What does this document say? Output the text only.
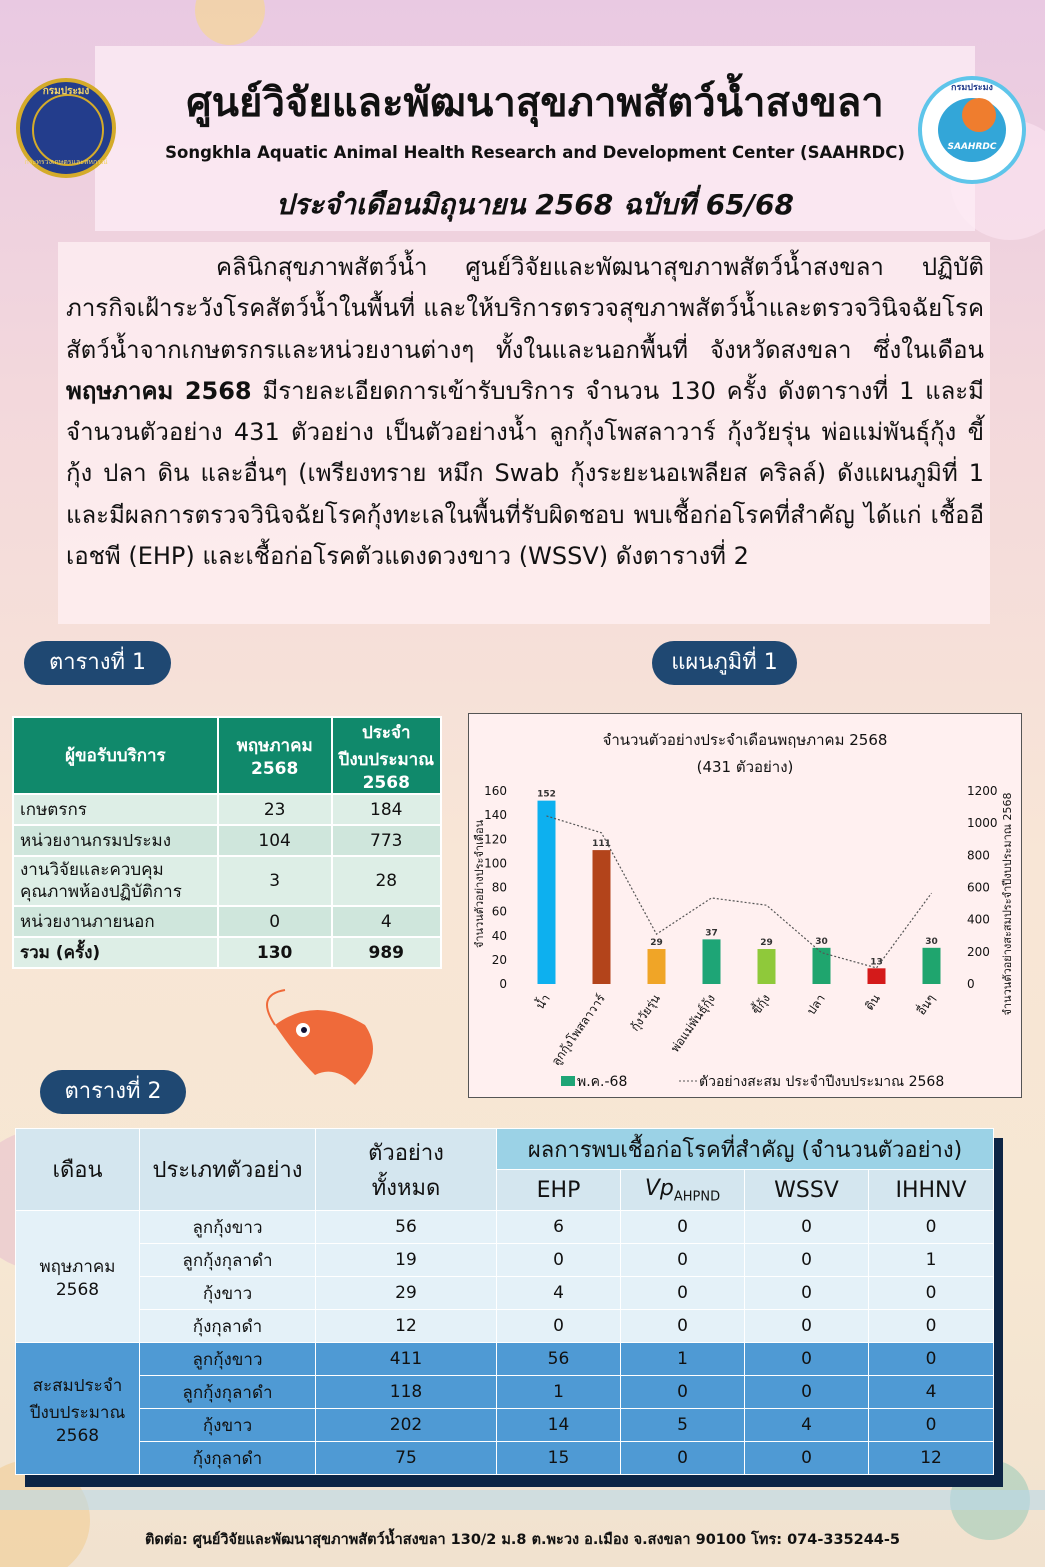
กรมประมง
กระทรวงเกษตรและสหกรณ์
กรมประมง
SAAHRDC
ศูนย์วิจัยและพัฒนาสุขภาพสัตว์น้ำสงขลา
Songkhla Aquatic Animal Health Research and Development Center (SAAHRDC)
ประจำเดือนมิถุนายน 2568 ฉบับที่ 65/68

คลินิกสุขภาพสัตว์น้ำ ศูนย์วิจัยและพัฒนาสุขภาพสัตว์น้ำสงขลา ปฏิบัติภารกิจเฝ้าระวังโรคสัตว์น้ำในพื้นที่ และให้บริการตรวจสุขภาพสัตว์น้ำและตรวจวินิจฉัยโรคสัตว์น้ำจากเกษตรกรและหน่วยงานต่างๆ ทั้งในและนอกพื้นที่ จังหวัดสงขลา ซึ่งในเดือน พฤษภาคม 2568 มีรายละเอียดการเข้ารับบริการ จำนวน 130 ครั้ง ดังตารางที่ 1 และมีจำนวนตัวอย่าง 431 ตัวอย่าง เป็นตัวอย่างน้ำ ลูกกุ้งโพสลาวาร์ กุ้งวัยรุ่น พ่อแม่พันธุ์กุ้ง ขี้กุ้ง ปลา ดิน และอื่นๆ (เพรียงทราย หมึก Swab กุ้งระยะนอเพลียส คริลล์) ดังแผนภูมิที่ 1 และมีผลการตรวจวินิจฉัยโรคกุ้งทะเลในพื้นที่รับผิดชอบ พบเชื้อก่อโรคที่สำคัญ ได้แก่ เชื้ออีเอชพี (EHP) และเชื้อก่อโรคตัวแดงดวงขาว (WSSV) ดังตารางที่ 2

ตารางที่ 1
ผู้ขอรับบริการ	พฤษภาคม 2568	ประจำปีงบประมาณ 2568
เกษตรกร	23	184
หน่วยงานกรมประมง	104	773
งานวิจัยและควบคุมคุณภาพห้องปฏิบัติการ	3	28
หน่วยงานภายนอก	0	4
รวม (ครั้ง)	130	989
แผนภูมิที่ 1
จำนวนตัวอย่างประจำเดือนพฤษภาคม 2568
(431 ตัวอย่าง)
จำนวนตัวอย่างประจำเดือน	จำนวนตัวอย่างสะสมประจำปีงบประมาณ 2568
0
20
40
60
80
100
120
140
160
0
200
400
600
800
1000
1200
152
น้ำ
111
ลูกกุ้งโพสลาวาร์
29
กุ้งวัยรุ่น
37
พ่อแม่พันธุ์กุ้ง
29
ขี้กุ้ง
30
ปลา
13
ดิน
30
อื่นๆ
พ.ค.-68	ตัวอย่างสะสม ประจำปีงบประมาณ 2568
ตารางที่ 2
เดือน	ประเภทตัวอย่าง	ตัวอย่างทั้งหมด	ผลการพบเชื้อก่อโรคที่สำคัญ (จำนวนตัวอย่าง)			
			EHP	$Vp_{AHPND}$	WSSV	IHHNV
พฤษภาคม 2568	ลูกกุ้งขาว	56	6	0	0	0
	ลูกกุ้งกุลาดำ	19	0	0	0	1
	กุ้งขาว	29	4	0	0	0
	กุ้งกุลาดำ	12	0	0	0	0
สะสมประจำปีงบประมาณ 2568	ลูกกุ้งขาว	411	56	1	0	0
	ลูกกุ้งกุลาดำ	118	1	0	0	4
	กุ้งขาว	202	14	5	4	0
	กุ้งกุลาดำ	75	15	0	0	12
ติดต่อ: ศูนย์วิจัยและพัฒนาสุขภาพสัตว์น้ำสงขลา 130/2 ม.8 ต.พะวง อ.เมือง จ.สงขลา 90100 โทร: 074-335244-5
